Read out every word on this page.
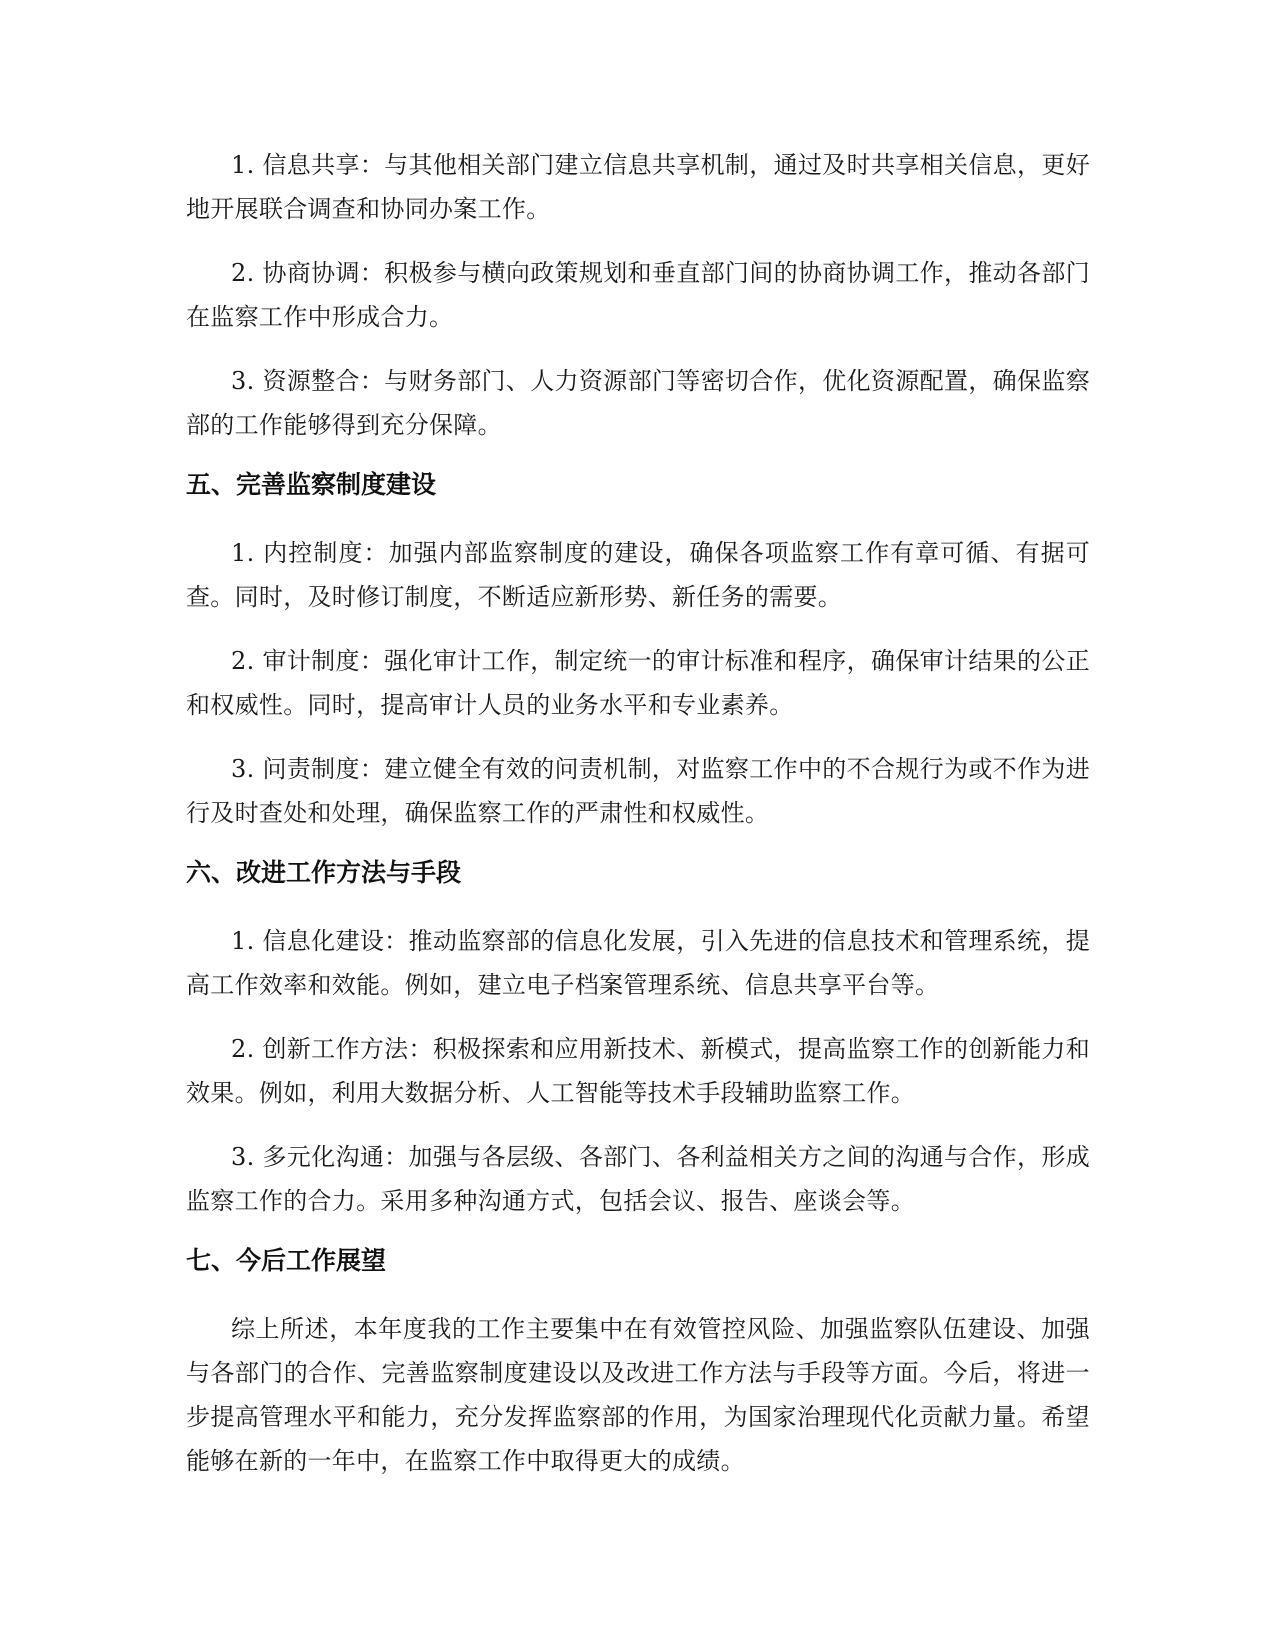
1. 信息共享：与其他相关部门建立信息共享机制，通过及时共享相关信息，更好地开展联合调查和协同办案工作。

2. 协商协调：积极参与横向政策规划和垂直部门间的协商协调工作，推动各部门在监察工作中形成合力。

3. 资源整合：与财务部门、人力资源部门等密切合作，优化资源配置，确保监察部的工作能够得到充分保障。

五、完善监察制度建设

1. 内控制度：加强内部监察制度的建设，确保各项监察工作有章可循、有据可查。同时，及时修订制度，不断适应新形势、新任务的需要。

2. 审计制度：强化审计工作，制定统一的审计标准和程序，确保审计结果的公正和权威性。同时，提高审计人员的业务水平和专业素养。

3. 问责制度：建立健全有效的问责机制，对监察工作中的不合规行为或不作为进行及时查处和处理，确保监察工作的严肃性和权威性。

六、改进工作方法与手段

1. 信息化建设：推动监察部的信息化发展，引入先进的信息技术和管理系统，提高工作效率和效能。例如，建立电子档案管理系统、信息共享平台等。

2. 创新工作方法：积极探索和应用新技术、新模式，提高监察工作的创新能力和效果。例如，利用大数据分析、人工智能等技术手段辅助监察工作。

3. 多元化沟通：加强与各层级、各部门、各利益相关方之间的沟通与合作，形成监察工作的合力。采用多种沟通方式，包括会议、报告、座谈会等。

七、今后工作展望

综上所述，本年度我的工作主要集中在有效管控风险、加强监察队伍建设、加强与各部门的合作、完善监察制度建设以及改进工作方法与手段等方面。今后，将进一步提高管理水平和能力，充分发挥监察部的作用，为国家治理现代化贡献力量。希望能够在新的一年中，在监察工作中取得更大的成绩。
